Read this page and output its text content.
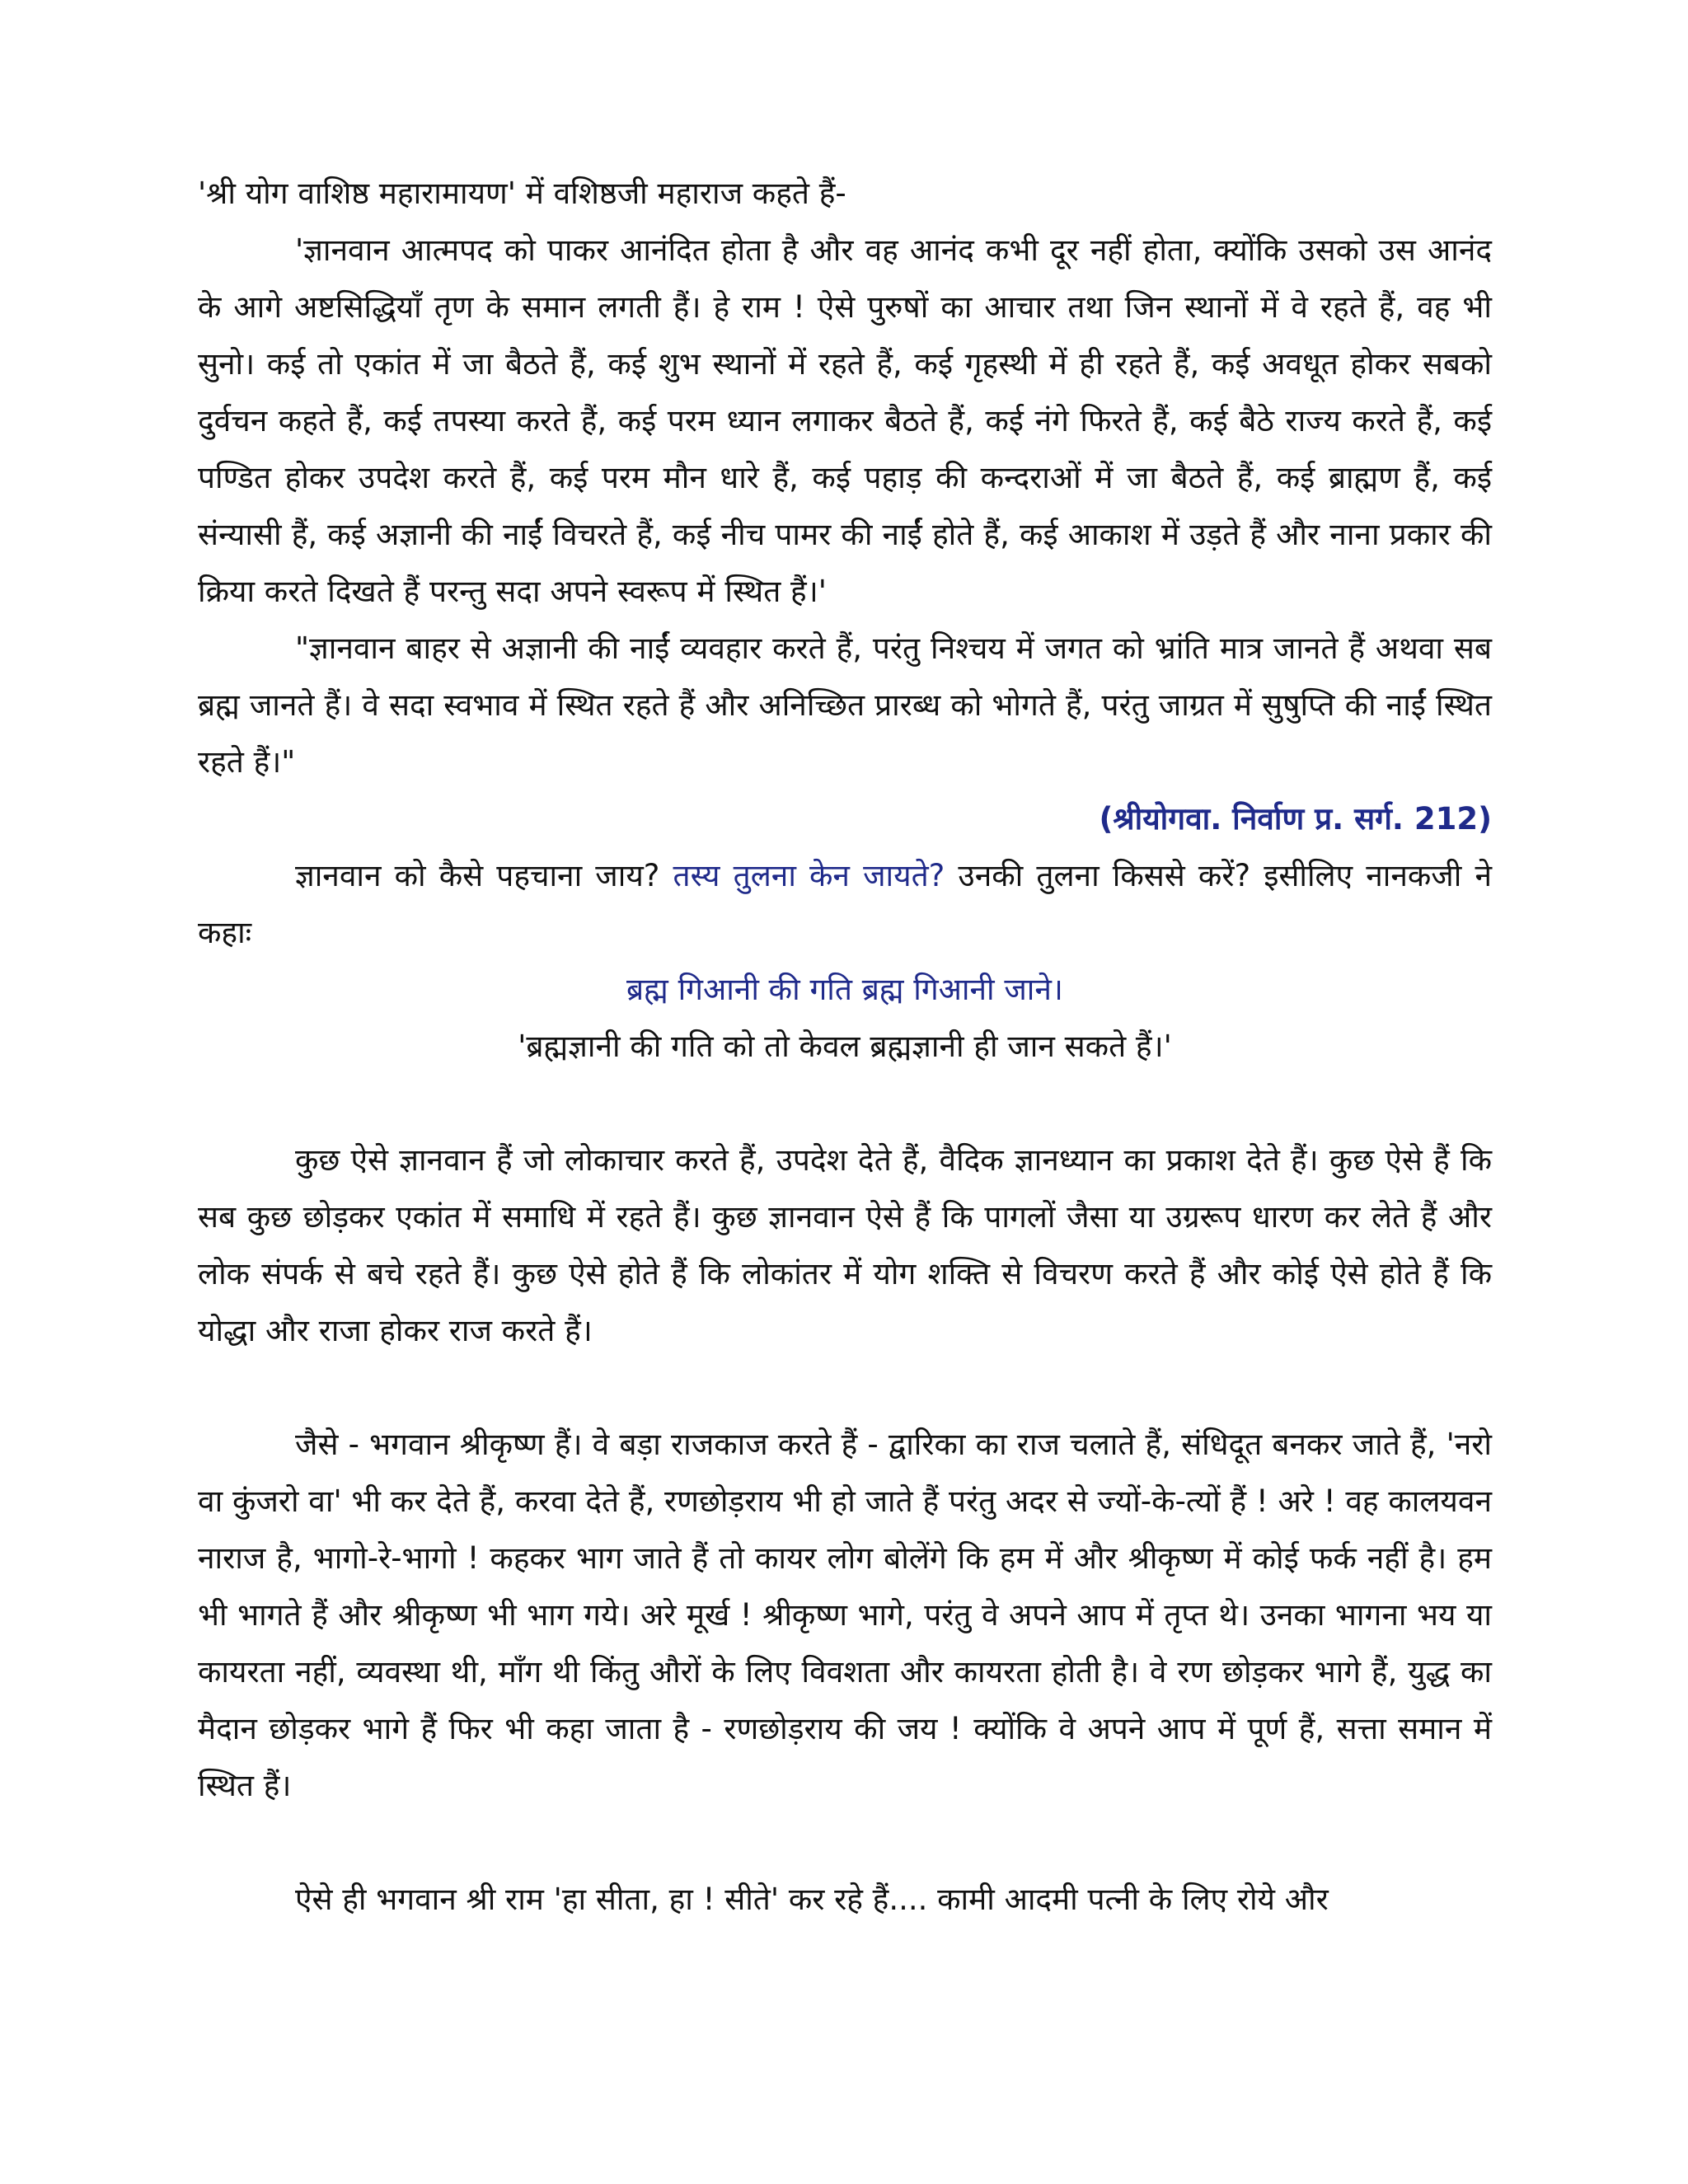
'श्री योग वाशिष्ठ महारामायण' में वशिष्ठजी महाराज कहते हैं-

'ज्ञानवान आत्मपद को पाकर आनंदित होता है और वह आनंद कभी दूर नहीं होता, क्योंकि उसको उस आनंद के आगे अष्टसिद्धियाँ तृण के समान लगती हैं। हे राम ! ऐसे पुरुषों का आचार तथा जिन स्थानों में वे रहते हैं, वह भी सुनो। कई तो एकांत में जा बैठते हैं, कई शुभ स्थानों में रहते हैं, कई गृहस्थी में ही रहते हैं, कई अवधूत होकर सबको दुर्वचन कहते हैं, कई तपस्या करते हैं, कई परम ध्यान लगाकर बैठते हैं, कई नंगे फिरते हैं, कई बैठे राज्य करते हैं, कई पण्डित होकर उपदेश करते हैं, कई परम मौन धारे हैं, कई पहाड़ की कन्दराओं में जा बैठते हैं, कई ब्राह्मण हैं, कई संन्यासी हैं, कई अज्ञानी की नाईं विचरते हैं, कई नीच पामर की नाईं होते हैं, कई आकाश में उड़ते हैं और नाना प्रकार की क्रिया करते दिखते हैं परन्तु सदा अपने स्वरूप में स्थित हैं।'

"ज्ञानवान बाहर से अज्ञानी की नाईं व्यवहार करते हैं, परंतु निश्चय में जगत को भ्रांति मात्र जानते हैं अथवा सब ब्रह्म जानते हैं। वे सदा स्वभाव में स्थित रहते हैं और अनिच्छित प्रारब्ध को भोगते हैं, परंतु जाग्रत में सुषुप्ति की नाईं स्थित रहते हैं।"

(श्रीयोगवा. निर्वाण प्र. सर्ग. 212)

ज्ञानवान को कैसे पहचाना जाय? तस्य तुलना केन जायते? उनकी तुलना किससे करें? इसीलिए नानकजी ने कहाः

ब्रह्म गिआनी की गति ब्रह्म गिआनी जाने।

'ब्रह्मज्ञानी की गति को तो केवल ब्रह्मज्ञानी ही जान सकते हैं।'

कुछ ऐसे ज्ञानवान हैं जो लोकाचार करते हैं, उपदेश देते हैं, वैदिक ज्ञानध्यान का प्रकाश देते हैं। कुछ ऐसे हैं कि सब कुछ छोड़कर एकांत में समाधि में रहते हैं। कुछ ज्ञानवान ऐसे हैं कि पागलों जैसा या उग्ररूप धारण कर लेते हैं और लोक संपर्क से बचे रहते हैं। कुछ ऐसे होते हैं कि लोकांतर में योग शक्ति से विचरण करते हैं और कोई ऐसे होते हैं कि योद्धा और राजा होकर राज करते हैं।

जैसे - भगवान श्रीकृष्ण हैं। वे बड़ा राजकाज करते हैं - द्वारिका का राज चलाते हैं, संधिदूत बनकर जाते हैं, 'नरो वा कुंजरो वा' भी कर देते हैं, करवा देते हैं, रणछोड़राय भी हो जाते हैं परंतु अदर से ज्यों-के-त्यों हैं ! अरे ! वह कालयवन नाराज है, भागो-रे-भागो ! कहकर भाग जाते हैं तो कायर लोग बोलेंगे कि हम में और श्रीकृष्ण में कोई फर्क नहीं है। हम भी भागते हैं और श्रीकृष्ण भी भाग गये। अरे मूर्ख ! श्रीकृष्ण भागे, परंतु वे अपने आप में तृप्त थे। उनका भागना भय या कायरता नहीं, व्यवस्था थी, माँग थी किंतु औरों के लिए विवशता और कायरता होती है। वे रण छोड़कर भागे हैं, युद्ध का मैदान छोड़कर भागे हैं फिर भी कहा जाता है - रणछोड़राय की जय ! क्योंकि वे अपने आप में पूर्ण हैं, सत्ता समान में स्थित हैं।

ऐसे ही भगवान श्री राम 'हा सीता, हा ! सीते' कर रहे हैं.... कामी आदमी पत्नी के लिए रोये और
